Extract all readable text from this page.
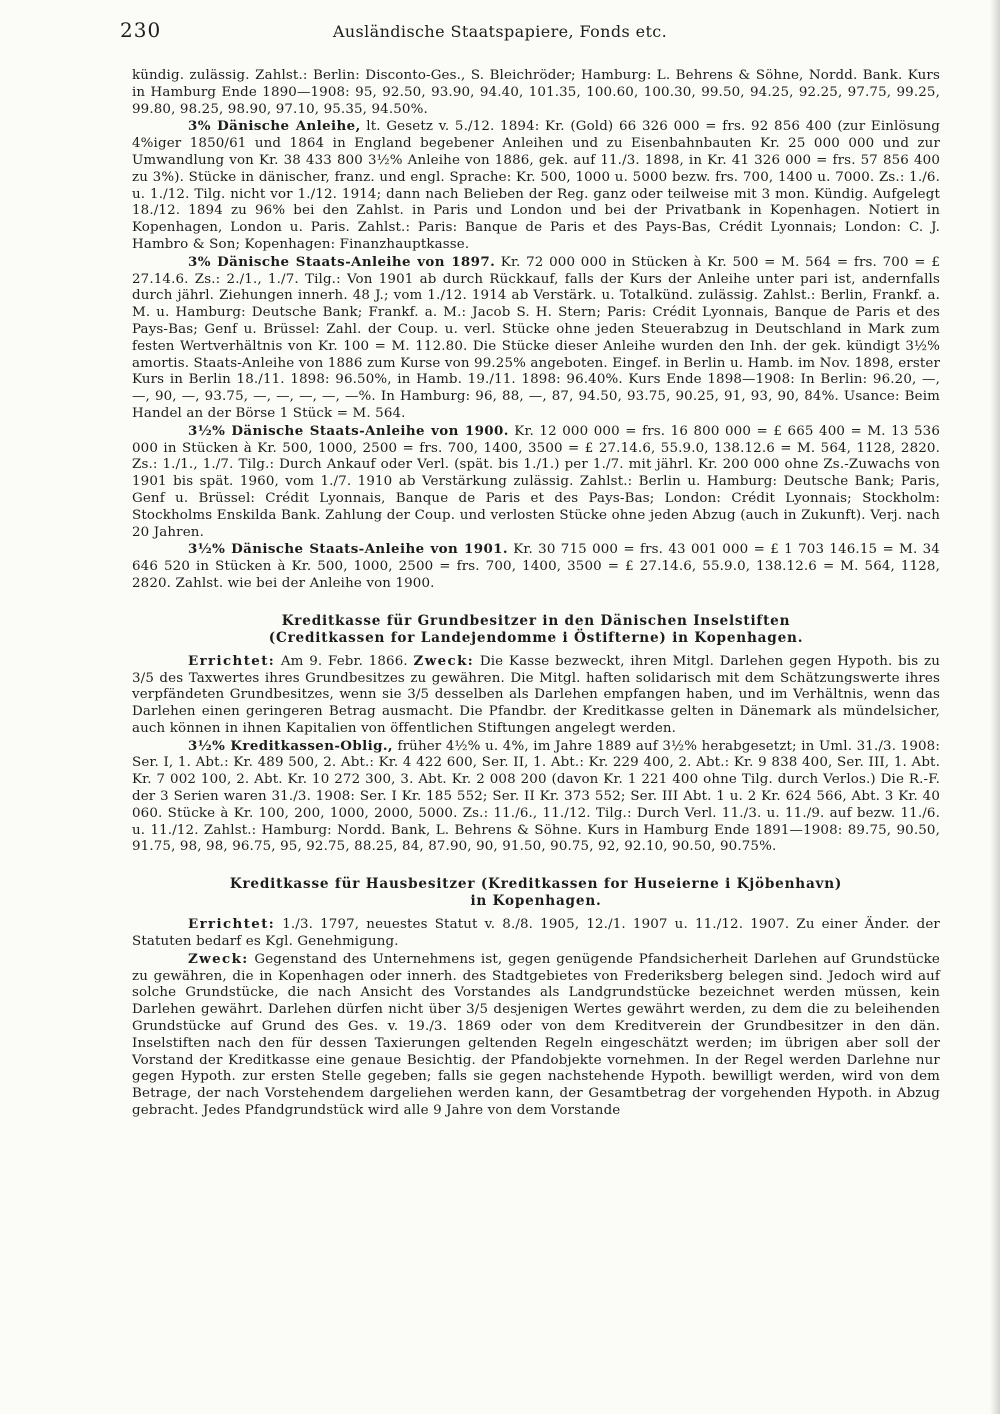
230	Ausländische Staatspapiere, Fonds etc.

kündig. zulässig. Zahlst.: Berlin: Disconto-Ges., S. Bleichröder; Hamburg: L. Behrens & Söhne, Nordd. Bank. Kurs in Hamburg Ende 1890—1908: 95, 92.50, 93.90, 94.40, 101.35, 100.60, 100.30, 99.50, 94.25, 92.25, 97.75, 99.25, 99.80, 98.25, 98.90, 97.10, 95.35, 94.50%.

3% Dänische Anleihe, lt. Gesetz v. 5./12. 1894: Kr. (Gold) 66 326 000 = frs. 92 856 400 (zur Einlösung 4%iger 1850/61 und 1864 in England begebener Anleihen und zu Eisenbahnbauten Kr. 25 000 000 und zur Umwandlung von Kr. 38 433 800 3½% Anleihe von 1886, gek. auf 11./3. 1898, in Kr. 41 326 000 = frs. 57 856 400 zu 3%). Stücke in dänischer, franz. und engl. Sprache: Kr. 500, 1000 u. 5000 bezw. frs. 700, 1400 u. 7000. Zs.: 1./6. u. 1./12. Tilg. nicht vor 1./12. 1914; dann nach Belieben der Reg. ganz oder teilweise mit 3 mon. Kündig. Aufgelegt 18./12. 1894 zu 96% bei den Zahlst. in Paris und London und bei der Privatbank in Kopenhagen. Notiert in Kopenhagen, London u. Paris. Zahlst.: Paris: Banque de Paris et des Pays-Bas, Crédit Lyonnais; London: C. J. Hambro & Son; Kopenhagen: Finanzhauptkasse.

3% Dänische Staats-Anleihe von 1897. Kr. 72 000 000 in Stücken à Kr. 500 = M. 564 = frs. 700 = £ 27.14.6. Zs.: 2./1., 1./7. Tilg.: Von 1901 ab durch Rückkauf, falls der Kurs der Anleihe unter pari ist, andernfalls durch jährl. Ziehungen innerh. 48 J.; vom 1./12. 1914 ab Verstärk. u. Totalkünd. zulässig. Zahlst.: Berlin, Frankf. a. M. u. Hamburg: Deutsche Bank; Frankf. a. M.: Jacob S. H. Stern; Paris: Crédit Lyonnais, Banque de Paris et des Pays-Bas; Genf u. Brüssel: Zahl. der Coup. u. verl. Stücke ohne jeden Steuerabzug in Deutschland in Mark zum festen Wertverhältnis von Kr. 100 = M. 112.80. Die Stücke dieser Anleihe wurden den Inh. der gek. kündigt 3½% amortis. Staats-Anleihe von 1886 zum Kurse von 99.25% angeboten. Eingef. in Berlin u. Hamb. im Nov. 1898, erster Kurs in Berlin 18./11. 1898: 96.50%, in Hamb. 19./11. 1898: 96.40%. Kurs Ende 1898—1908: In Berlin: 96.20, —, —, 90, —, 93.75, —, —, —, —, —%. In Hamburg: 96, 88, —, 87, 94.50, 93.75, 90.25, 91, 93, 90, 84%. Usance: Beim Handel an der Börse 1 Stück = M. 564.

3½% Dänische Staats-Anleihe von 1900. Kr. 12 000 000 = frs. 16 800 000 = £ 665 400 = M. 13 536 000 in Stücken à Kr. 500, 1000, 2500 = frs. 700, 1400, 3500 = £ 27.14.6, 55.9.0, 138.12.6 = M. 564, 1128, 2820. Zs.: 1./1., 1./7. Tilg.: Durch Ankauf oder Verl. (spät. bis 1./1.) per 1./7. mit jährl. Kr. 200 000 ohne Zs.-Zuwachs von 1901 bis spät. 1960, vom 1./7. 1910 ab Verstärkung zulässig. Zahlst.: Berlin u. Hamburg: Deutsche Bank; Paris, Genf u. Brüssel: Crédit Lyonnais, Banque de Paris et des Pays-Bas; London: Crédit Lyonnais; Stockholm: Stockholms Enskilda Bank. Zahlung der Coup. und verlosten Stücke ohne jeden Abzug (auch in Zukunft). Verj. nach 20 Jahren.

3½% Dänische Staats-Anleihe von 1901. Kr. 30 715 000 = frs. 43 001 000 = £ 1 703 146.15 = M. 34 646 520 in Stücken à Kr. 500, 1000, 2500 = frs. 700, 1400, 3500 = £ 27.14.6, 55.9.0, 138.12.6 = M. 564, 1128, 2820. Zahlst. wie bei der Anleihe von 1900.

Kreditkasse für Grundbesitzer in den Dänischen Inselstiften
(Creditkassen for Landejendomme i Östifterne) in Kopenhagen.

Errichtet: Am 9. Febr. 1866. Zweck: Die Kasse bezweckt, ihren Mitgl. Darlehen gegen Hypoth. bis zu 3/5 des Taxwertes ihres Grundbesitzes zu gewähren. Die Mitgl. haften solidarisch mit dem Schätzungswerte ihres verpfändeten Grundbesitzes, wenn sie 3/5 desselben als Darlehen empfangen haben, und im Verhältnis, wenn das Darlehen einen geringeren Betrag ausmacht. Die Pfandbr. der Kreditkasse gelten in Dänemark als mündelsicher, auch können in ihnen Kapitalien von öffentlichen Stiftungen angelegt werden.

3½% Kreditkassen-Oblig., früher 4½% u. 4%, im Jahre 1889 auf 3½% herabgesetzt; in Uml. 31./3. 1908: Ser. I, 1. Abt.: Kr. 489 500, 2. Abt.: Kr. 4 422 600, Ser. II, 1. Abt.: Kr. 229 400, 2. Abt.: Kr. 9 838 400, Ser. III, 1. Abt. Kr. 7 002 100, 2. Abt. Kr. 10 272 300, 3. Abt. Kr. 2 008 200 (davon Kr. 1 221 400 ohne Tilg. durch Verlos.) Die R.-F. der 3 Serien waren 31./3. 1908: Ser. I Kr. 185 552; Ser. II Kr. 373 552; Ser. III Abt. 1 u. 2 Kr. 624 566, Abt. 3 Kr. 40 060. Stücke à Kr. 100, 200, 1000, 2000, 5000. Zs.: 11./6., 11./12. Tilg.: Durch Verl. 11./3. u. 11./9. auf bezw. 11./6. u. 11./12. Zahlst.: Hamburg: Nordd. Bank, L. Behrens & Söhne. Kurs in Hamburg Ende 1891—1908: 89.75, 90.50, 91.75, 98, 98, 96.75, 95, 92.75, 88.25, 84, 87.90, 90, 91.50, 90.75, 92, 92.10, 90.50, 90.75%.

Kreditkasse für Hausbesitzer (Kreditkassen for Huseierne i Kjöbenhavn)
in Kopenhagen.

Errichtet: 1./3. 1797, neuestes Statut v. 8./8. 1905, 12./1. 1907 u. 11./12. 1907. Zu einer Änder. der Statuten bedarf es Kgl. Genehmigung.

Zweck: Gegenstand des Unternehmens ist, gegen genügende Pfandsicherheit Darlehen auf Grundstücke zu gewähren, die in Kopenhagen oder innerh. des Stadtgebietes von Frederiksberg belegen sind. Jedoch wird auf solche Grundstücke, die nach Ansicht des Vorstandes als Landgrundstücke bezeichnet werden müssen, kein Darlehen gewährt. Darlehen dürfen nicht über 3/5 desjenigen Wertes gewährt werden, zu dem die zu beleihenden Grundstücke auf Grund des Ges. v. 19./3. 1869 oder von dem Kreditverein der Grundbesitzer in den dän. Inselstiften nach den für dessen Taxierungen geltenden Regeln eingeschätzt werden; im übrigen aber soll der Vorstand der Kreditkasse eine genaue Besichtig. der Pfandobjekte vornehmen. In der Regel werden Darlehne nur gegen Hypoth. zur ersten Stelle gegeben; falls sie gegen nachstehende Hypoth. bewilligt werden, wird von dem Betrage, der nach Vorstehendem dargeliehen werden kann, der Gesamtbetrag der vorgehenden Hypoth. in Abzug gebracht. Jedes Pfandgrundstück wird alle 9 Jahre von dem Vorstande
